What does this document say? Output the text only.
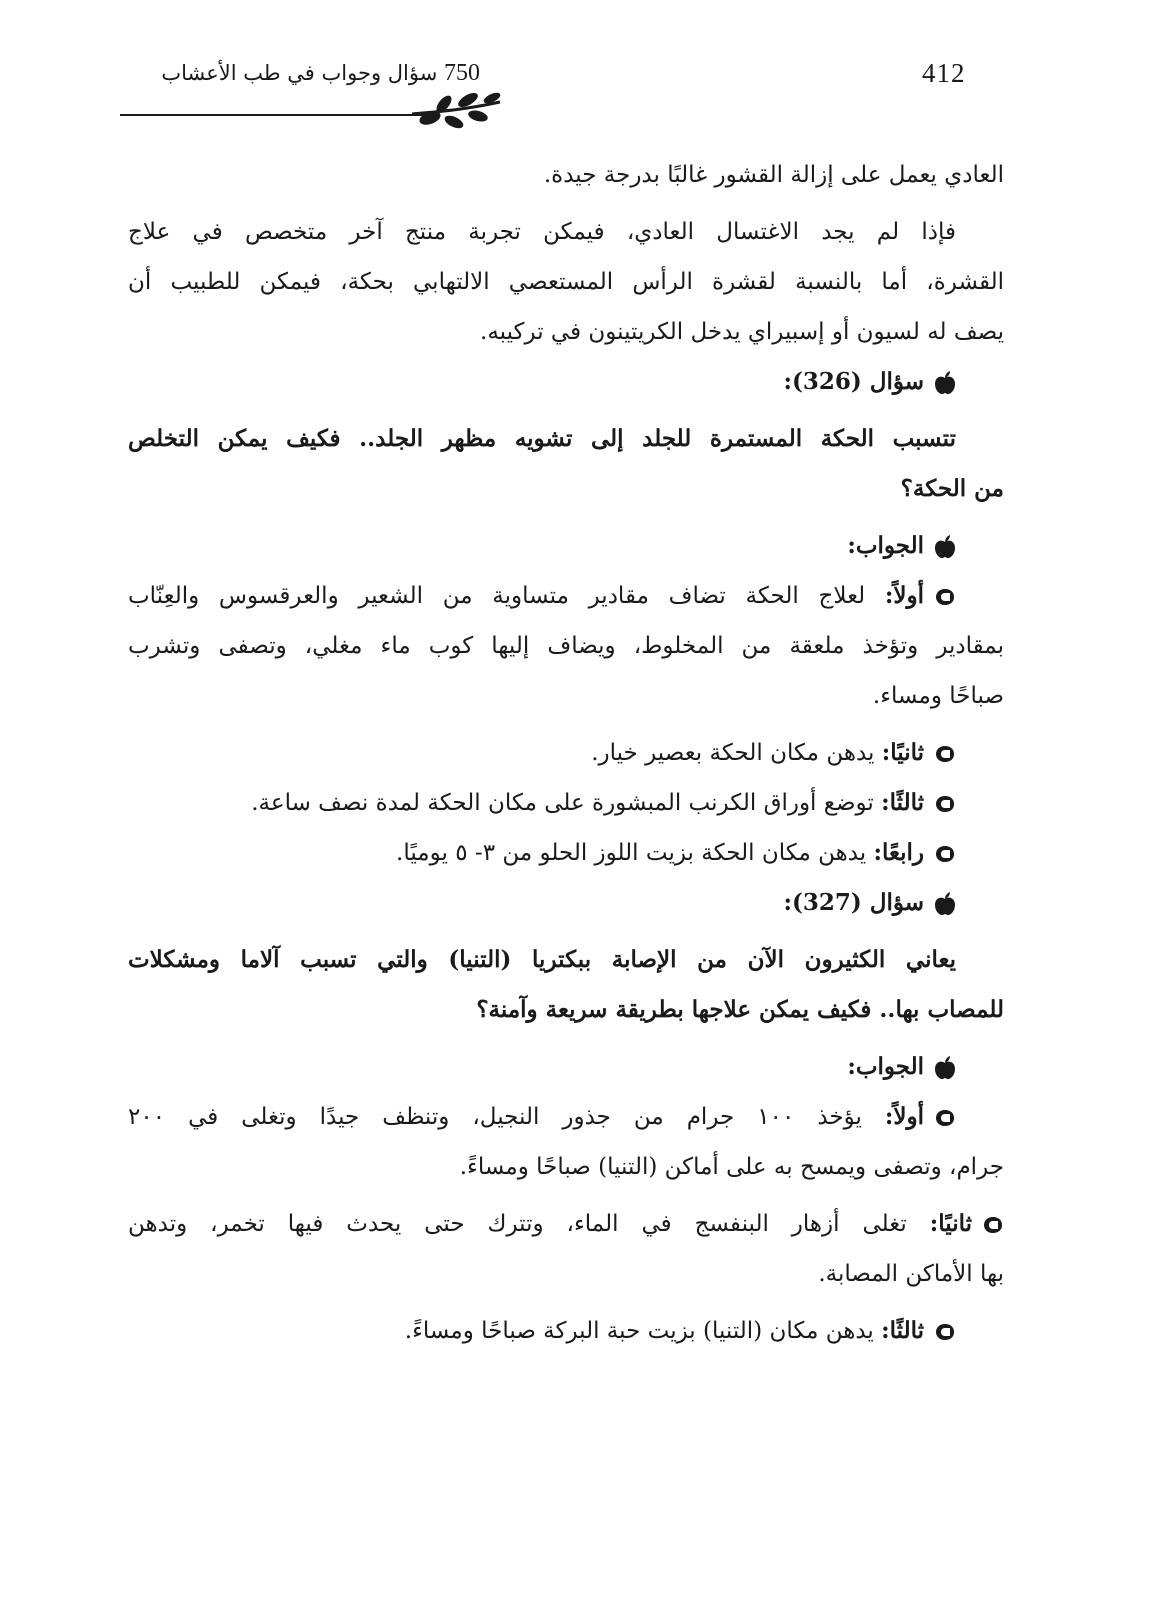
412
750 سؤال وجواب في طب الأعشاب

العادي يعمل على إزالة القشور غالبًا بدرجة جيدة.

فإذا لم يجد الاغتسال العادي، فيمكن تجربة منتج آخر متخصص في علاج

القشرة، أما بالنسبة لقشرة الرأس المستعصي الالتهابي بحكة، فيمكن للطبيب أن

يصف له لسيون أو إسبيراي يدخل الكريتينون في تركيبه.

سؤال (326):

تتسبب الحكة المستمرة للجلد إلى تشويه مظهر الجلد.. فكيف يمكن التخلص

من الحكة؟

الجواب:

أولاً: لعلاج الحكة تضاف مقادير متساوية من الشعير والعرقسوس والعِنّاب

بمقادير وتؤخذ ملعقة من المخلوط، ويضاف إليها كوب ماء مغلي، وتصفى وتشرب

صباحًا ومساء.

ثانيًا: يدهن مكان الحكة بعصير خيار.

ثالثًا: توضع أوراق الكرنب المبشورة على مكان الحكة لمدة نصف ساعة.

رابعًا: يدهن مكان الحكة بزيت اللوز الحلو من ٣- ٥ يوميًا.

سؤال (327):

يعاني الكثيرون الآن من الإصابة ببكتريا (التنيا) والتي تسبب آلاما ومشكلات

للمصاب بها.. فكيف يمكن علاجها بطريقة سريعة وآمنة؟

الجواب:

أولاً: يؤخذ ١٠٠ جرام من جذور النجيل، وتنظف جيدًا وتغلى في ٢٠٠

جرام، وتصفى ويمسح به على أماكن (التنيا) صباحًا ومساءً.

ثانيًا: تغلى أزهار البنفسج في الماء، وتترك حتى يحدث فيها تخمر، وتدهن

بها الأماكن المصابة.

ثالثًا: يدهن مكان (التنيا) بزيت حبة البركة صباحًا ومساءً.
